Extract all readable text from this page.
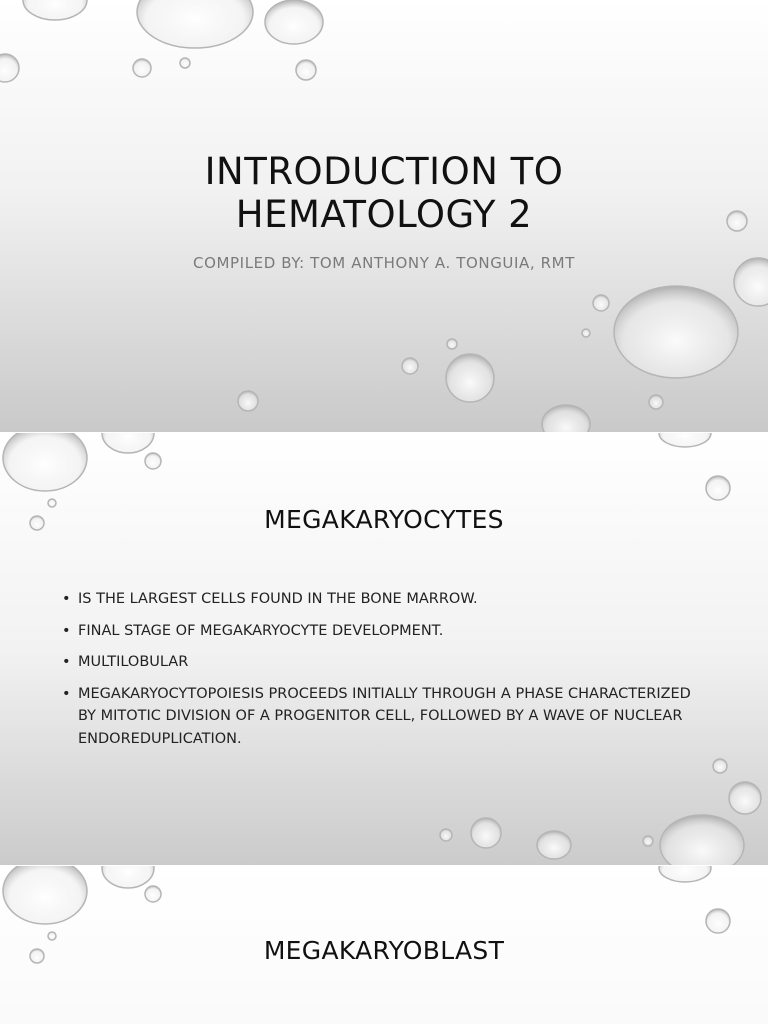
INTRODUCTION TO
HEMATOLOGY 2

COMPILED BY: TOM ANTHONY A. TONGUIA, RMT

MEGAKARYOCYTES
• IS THE LARGEST CELLS FOUND IN THE BONE MARROW.
• FINAL STAGE OF MEGAKARYOCYTE DEVELOPMENT.
• MULTILOBULAR
• MEGAKARYOCYTOPOIESIS PROCEEDS INITIALLY THROUGH A PHASE CHARACTERIZED BY MITOTIC DIVISION OF A PROGENITOR CELL, FOLLOWED BY A WAVE OF NUCLEAR ENDOREDUPLICATION.
MEGAKARYOBLAST
